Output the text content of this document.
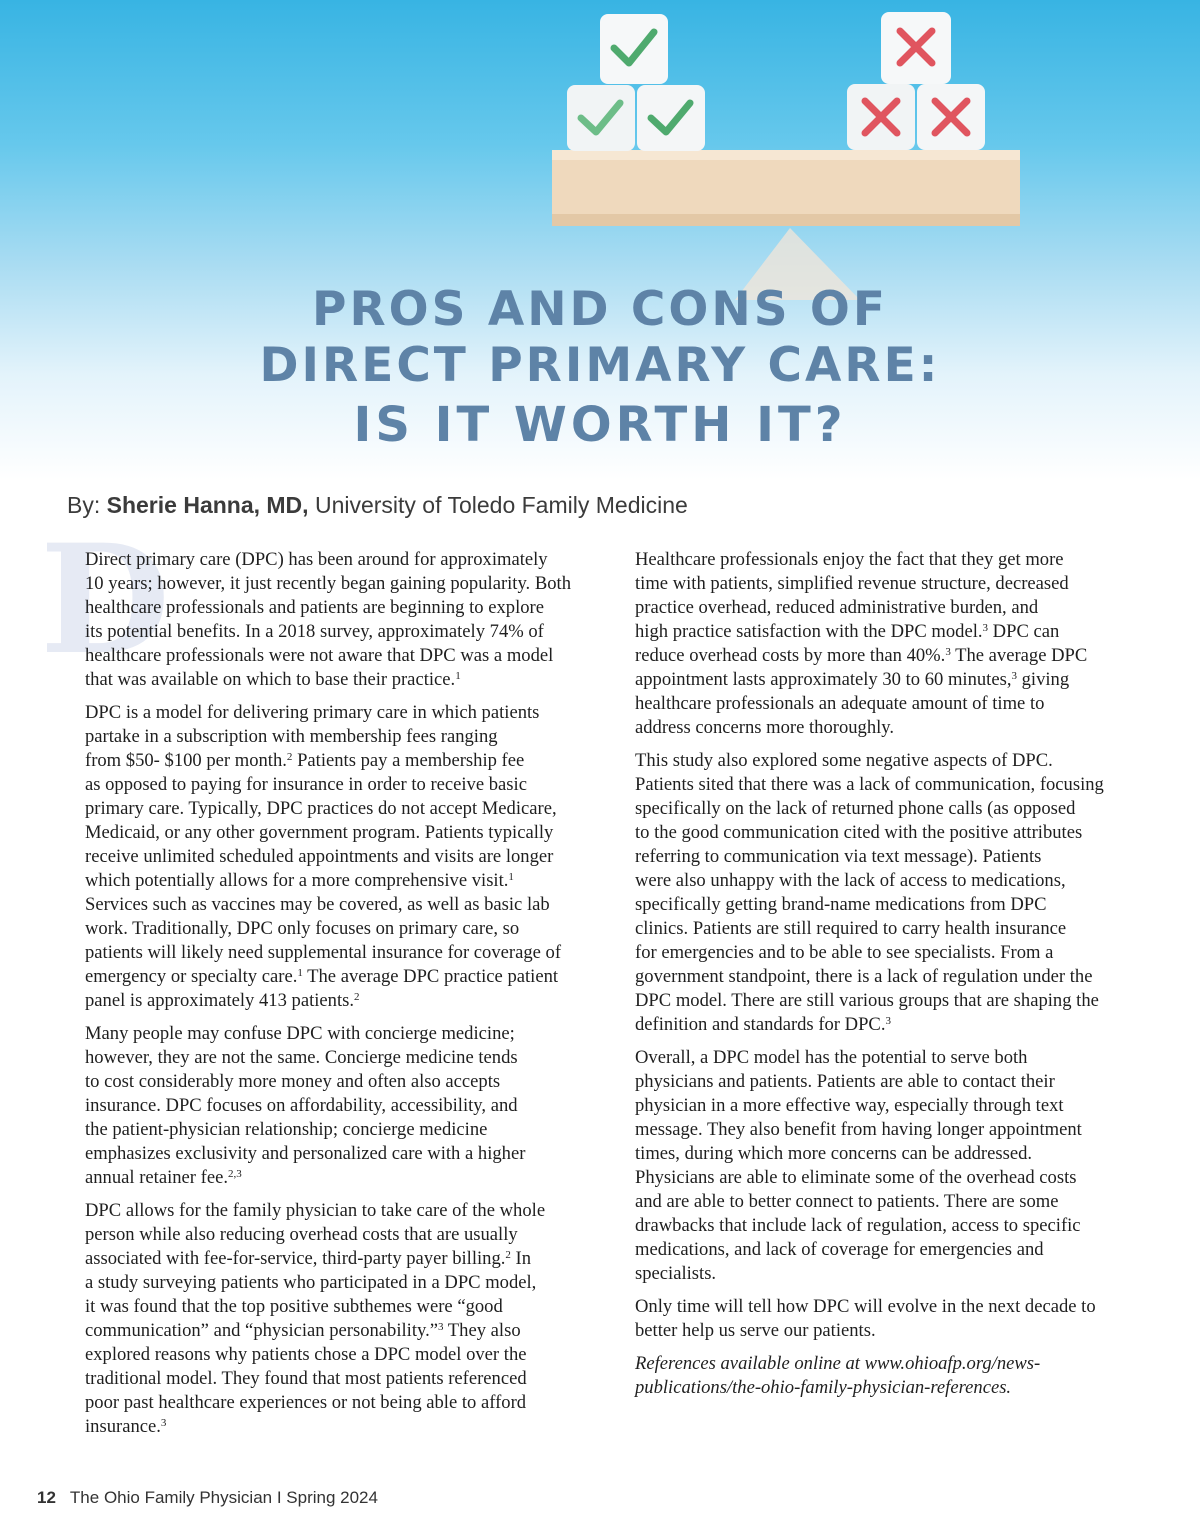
PROS AND CONS OF
DIRECT PRIMARY CARE:
IS IT WORTH IT?
By: Sherie Hanna, MD, University of Toledo Family Medicine
D

Direct primary care (DPC) has been around for approximately
10 years; however, it just recently began gaining popularity. Both
healthcare professionals and patients are beginning to explore
its potential benefits. In a 2018 survey, approximately 74% of
healthcare professionals were not aware that DPC was a model
that was available on which to base their practice.$^1$

DPC is a model for delivering primary care in which patients
partake in a subscription with membership fees ranging
from $50- $100 per month.$^2$ Patients pay a membership fee
as opposed to paying for insurance in order to receive basic
primary care. Typically, DPC practices do not accept Medicare,
Medicaid, or any other government program. Patients typically
receive unlimited scheduled appointments and visits are longer
which potentially allows for a more comprehensive visit.$^1$
Services such as vaccines may be covered, as well as basic lab
work. Traditionally, DPC only focuses on primary care, so
patients will likely need supplemental insurance for coverage of
emergency or specialty care.$^1$ The average DPC practice patient
panel is approximately 413 patients.$^2$

Many people may confuse DPC with concierge medicine;
however, they are not the same. Concierge medicine tends
to cost considerably more money and often also accepts
insurance. DPC focuses on affordability, accessibility, and
the patient-physician relationship; concierge medicine
emphasizes exclusivity and personalized care with a higher
annual retainer fee.$^{2,3}$

DPC allows for the family physician to take care of the whole
person while also reducing overhead costs that are usually
associated with fee-for-service, third-party payer billing.$^2$ In
a study surveying patients who participated in a DPC model,
it was found that the top positive subthemes were “good
communication” and “physician personability.”$^3$ They also
explored reasons why patients chose a DPC model over the
traditional model. They found that most patients referenced
poor past healthcare experiences or not being able to afford
insurance.$^3$

Healthcare professionals enjoy the fact that they get more
time with patients, simplified revenue structure, decreased
practice overhead, reduced administrative burden, and
high practice satisfaction with the DPC model.$^3$ DPC can
reduce overhead costs by more than 40%.$^3$ The average DPC
appointment lasts approximately 30 to 60 minutes,$^3$ giving
healthcare professionals an adequate amount of time to
address concerns more thoroughly.

This study also explored some negative aspects of DPC.
Patients sited that there was a lack of communication, focusing
specifically on the lack of returned phone calls (as opposed
to the good communication cited with the positive attributes
referring to communication via text message). Patients
were also unhappy with the lack of access to medications,
specifically getting brand-name medications from DPC
clinics. Patients are still required to carry health insurance
for emergencies and to be able to see specialists. From a
government standpoint, there is a lack of regulation under the
DPC model. There are still various groups that are shaping the
definition and standards for DPC.$^3$

Overall, a DPC model has the potential to serve both
physicians and patients. Patients are able to contact their
physician in a more effective way, especially through text
message. They also benefit from having longer appointment
times, during which more concerns can be addressed.
Physicians are able to eliminate some of the overhead costs
and are able to better connect to patients. There are some
drawbacks that include lack of regulation, access to specific
medications, and lack of coverage for emergencies and
specialists.

Only time will tell how DPC will evolve in the next decade to
better help us serve our patients.

References available online at www.ohioafp.org/news-
publications/the-ohio-family-physician-references.

12 The Ohio Family Physician I Spring 2024
